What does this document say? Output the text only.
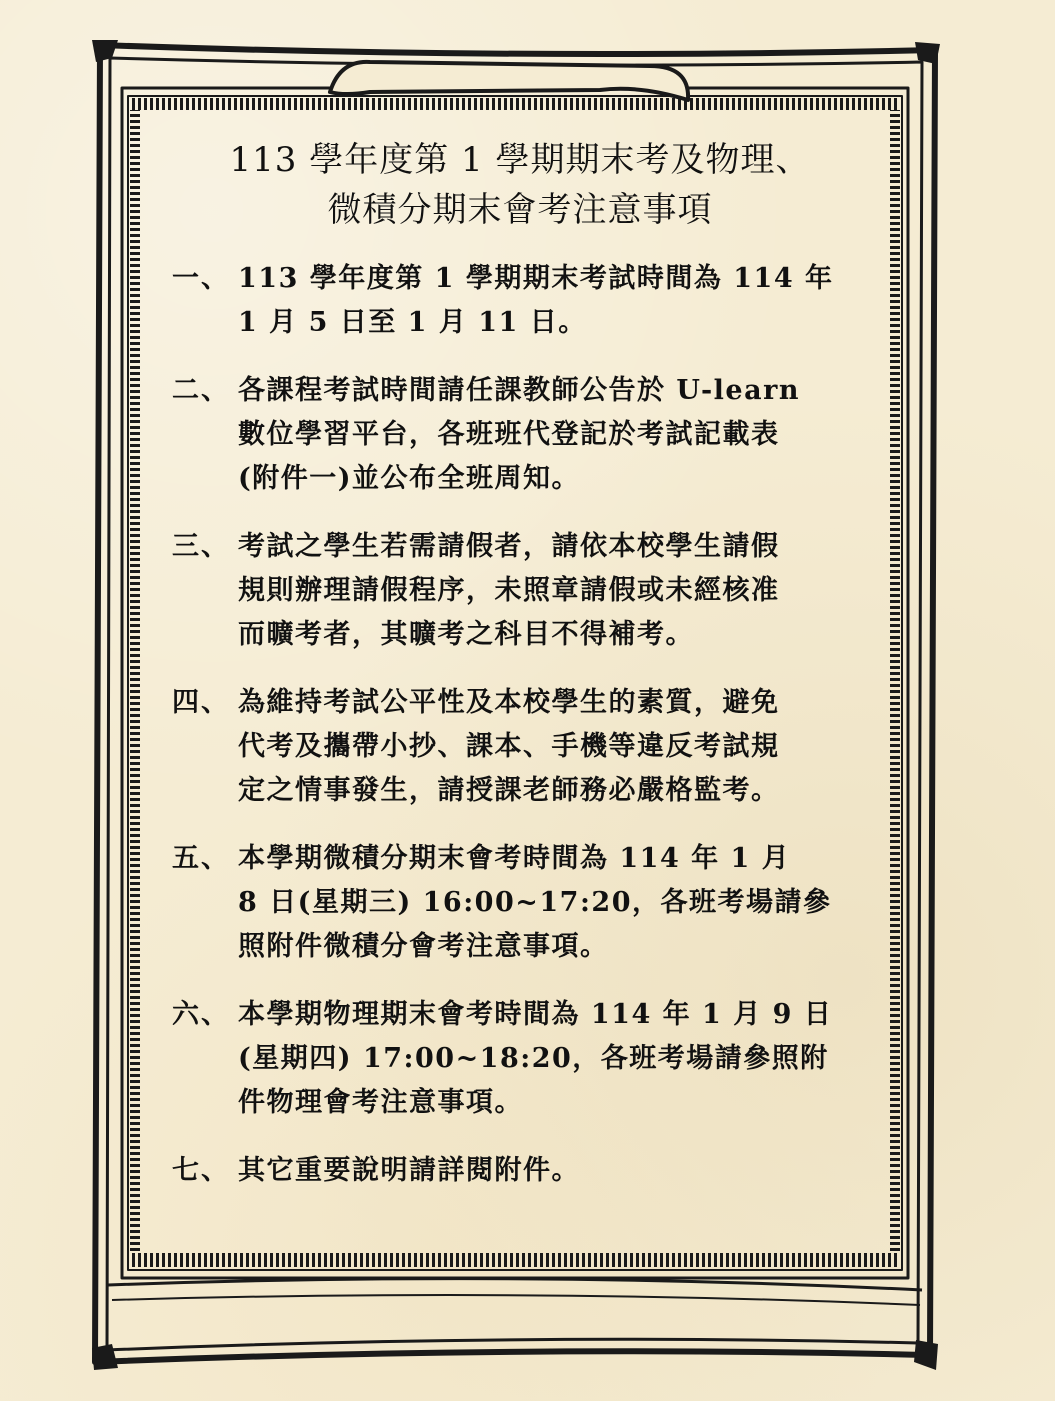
113 學年度第 1 學期期末考及物理、
微積分期末會考注意事項
一、 113 學年度第 1 學期期末考試時間為 114 年
1 月 5 日至 1 月 11 日。
二、 各課程考試時間請任課教師公告於 U-learn
數位學習平台，各班班代登記於考試記載表
(附件一)並公布全班周知。
三、 考試之學生若需請假者，請依本校學生請假
規則辦理請假程序，未照章請假或未經核准
而曠考者，其曠考之科目不得補考。
四、 為維持考試公平性及本校學生的素質，避免
代考及攜帶小抄、課本、手機等違反考試規
定之情事發生，請授課老師務必嚴格監考。
五、 本學期微積分期末會考時間為 114 年 1 月
8 日(星期三) 16:00~17:20，各班考場請參
照附件微積分會考注意事項。
六、 本學期物理期末會考時間為 114 年 1 月 9 日
(星期四) 17:00~18:20，各班考場請參照附
件物理會考注意事項。
七、 其它重要說明請詳閱附件。
